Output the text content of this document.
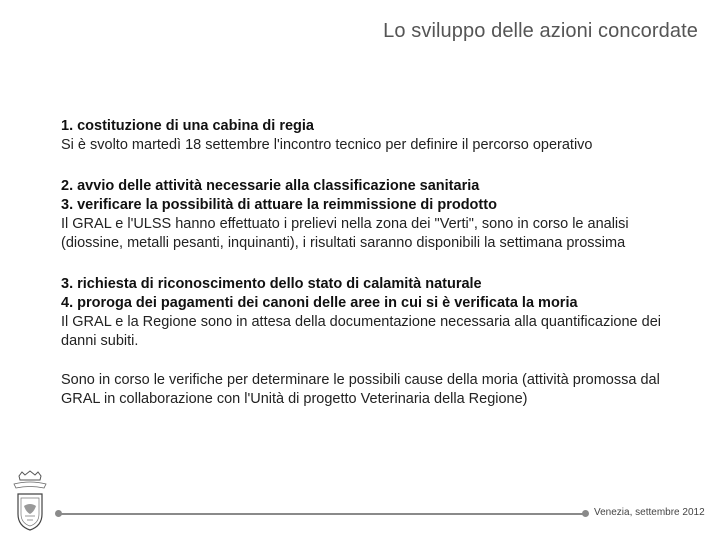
Lo sviluppo delle azioni concordate
1. costituzione di una cabina di regia
Si è svolto martedì 18 settembre l'incontro tecnico per definire il percorso operativo
2. avvio delle attività necessarie alla classificazione sanitaria
3. verificare la possibilità di attuare la reimmissione di prodotto
Il GRAL e l'ULSS hanno effettuato i prelievi nella zona dei "Verti", sono in corso le analisi (diossine, metalli pesanti, inquinanti), i risultati saranno disponibili la settimana prossima
3. richiesta di riconoscimento dello stato di calamità naturale
4. proroga dei pagamenti dei canoni delle aree in cui si è verificata la moria
Il GRAL e la Regione sono in attesa della documentazione necessaria alla quantificazione dei danni subiti.
Sono in corso le verifiche per determinare le possibili cause della moria (attività promossa dal GRAL in collaborazione con l'Unità di progetto Veterinaria della Regione)
Venezia, settembre 2012
